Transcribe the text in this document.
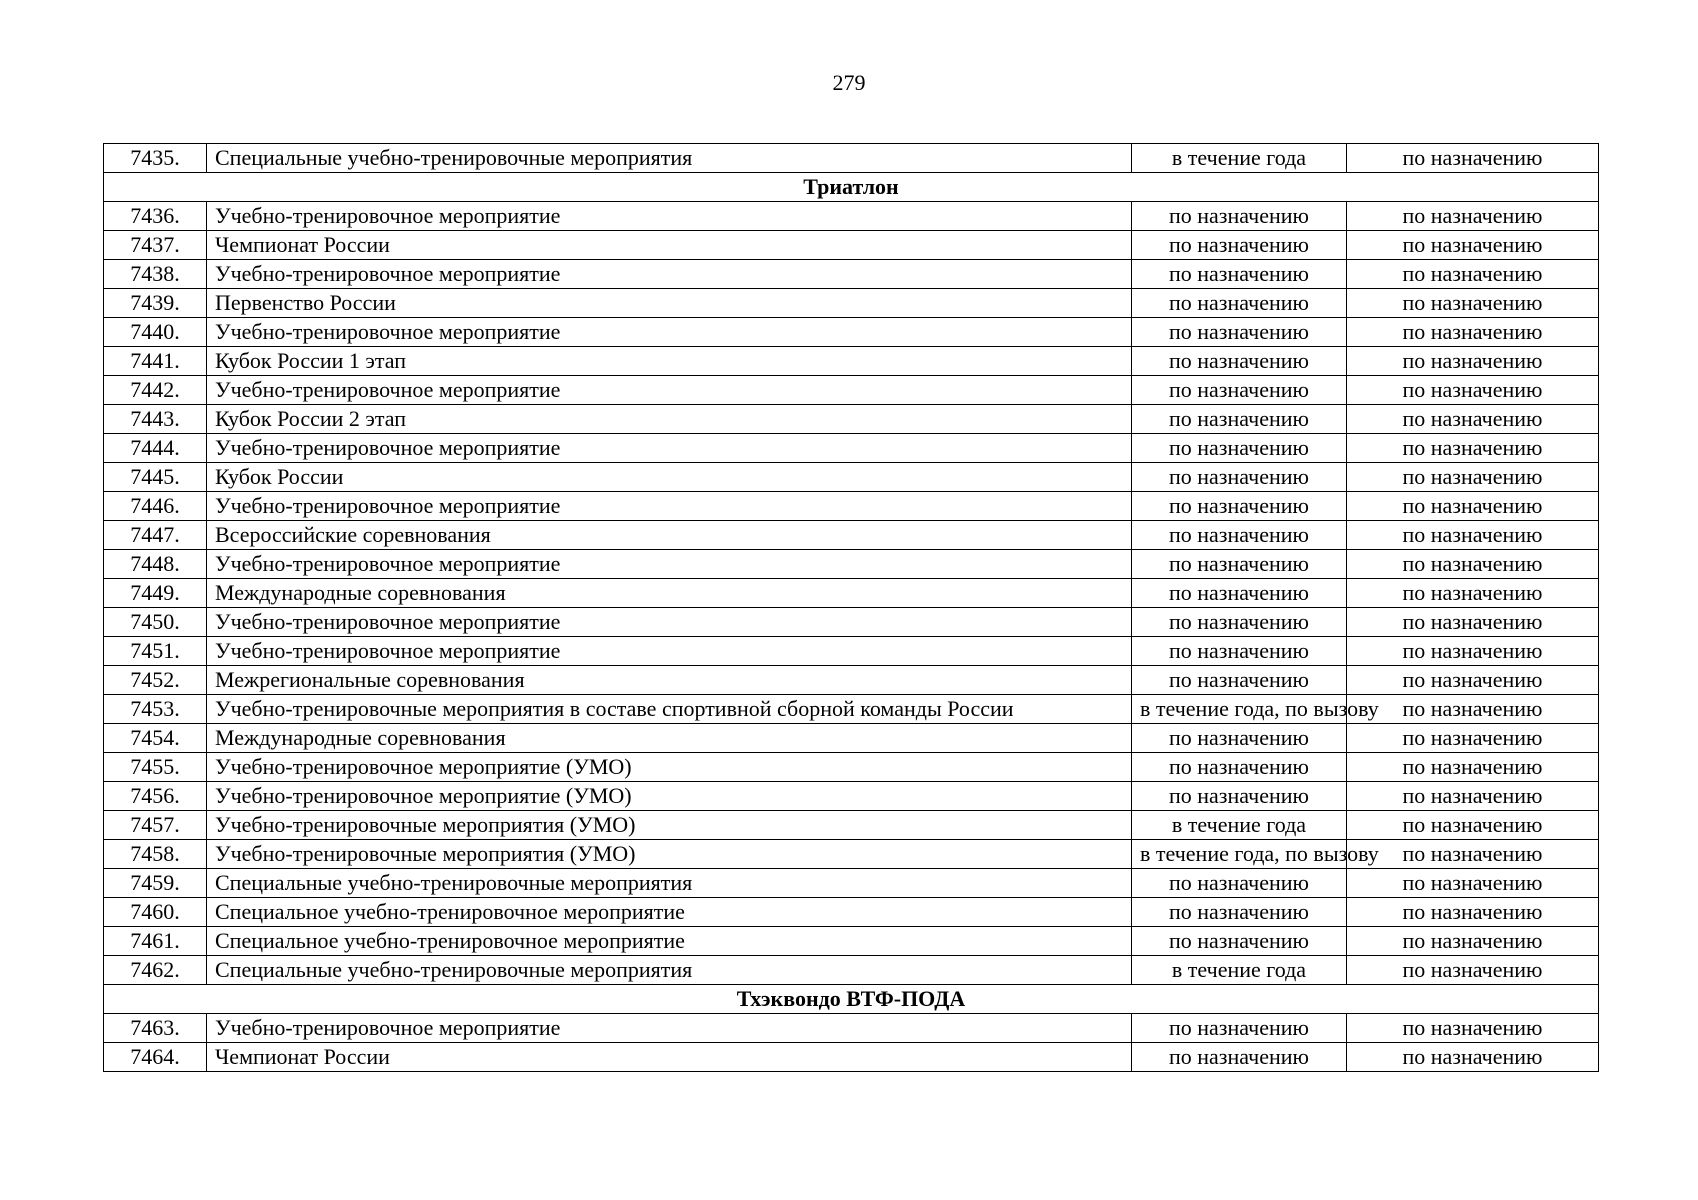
279
7435.	Специальные учебно-тренировочные мероприятия	в течение года	по назначению
Триатлон			
7436.	Учебно-тренировочное мероприятие	по назначению	по назначению
7437.	Чемпионат России	по назначению	по назначению
7438.	Учебно-тренировочное мероприятие	по назначению	по назначению
7439.	Первенство России	по назначению	по назначению
7440.	Учебно-тренировочное мероприятие	по назначению	по назначению
7441.	Кубок России 1 этап	по назначению	по назначению
7442.	Учебно-тренировочное мероприятие	по назначению	по назначению
7443.	Кубок России 2 этап	по назначению	по назначению
7444.	Учебно-тренировочное мероприятие	по назначению	по назначению
7445.	Кубок России	по назначению	по назначению
7446.	Учебно-тренировочное мероприятие	по назначению	по назначению
7447.	Всероссийские соревнования	по назначению	по назначению
7448.	Учебно-тренировочное мероприятие	по назначению	по назначению
7449.	Международные соревнования	по назначению	по назначению
7450.	Учебно-тренировочное мероприятие	по назначению	по назначению
7451.	Учебно-тренировочное мероприятие	по назначению	по назначению
7452.	Межрегиональные соревнования	по назначению	по назначению
7453.	Учебно-тренировочные мероприятия в составе спортивной сборной команды России	в течение года, по вызову	по назначению
7454.	Международные соревнования	по назначению	по назначению
7455.	Учебно-тренировочное мероприятие (УМО)	по назначению	по назначению
7456.	Учебно-тренировочное мероприятие (УМО)	по назначению	по назначению
7457.	Учебно-тренировочные мероприятия (УМО)	в течение года	по назначению
7458.	Учебно-тренировочные мероприятия (УМО)	в течение года, по вызову	по назначению
7459.	Специальные учебно-тренировочные мероприятия	по назначению	по назначению
7460.	Специальное учебно-тренировочное мероприятие	по назначению	по назначению
7461.	Специальное учебно-тренировочное мероприятие	по назначению	по назначению
7462.	Специальные учебно-тренировочные мероприятия	в течение года	по назначению
Тхэквондо ВТФ-ПОДА			
7463.	Учебно-тренировочное мероприятие	по назначению	по назначению
7464.	Чемпионат России	по назначению	по назначению
